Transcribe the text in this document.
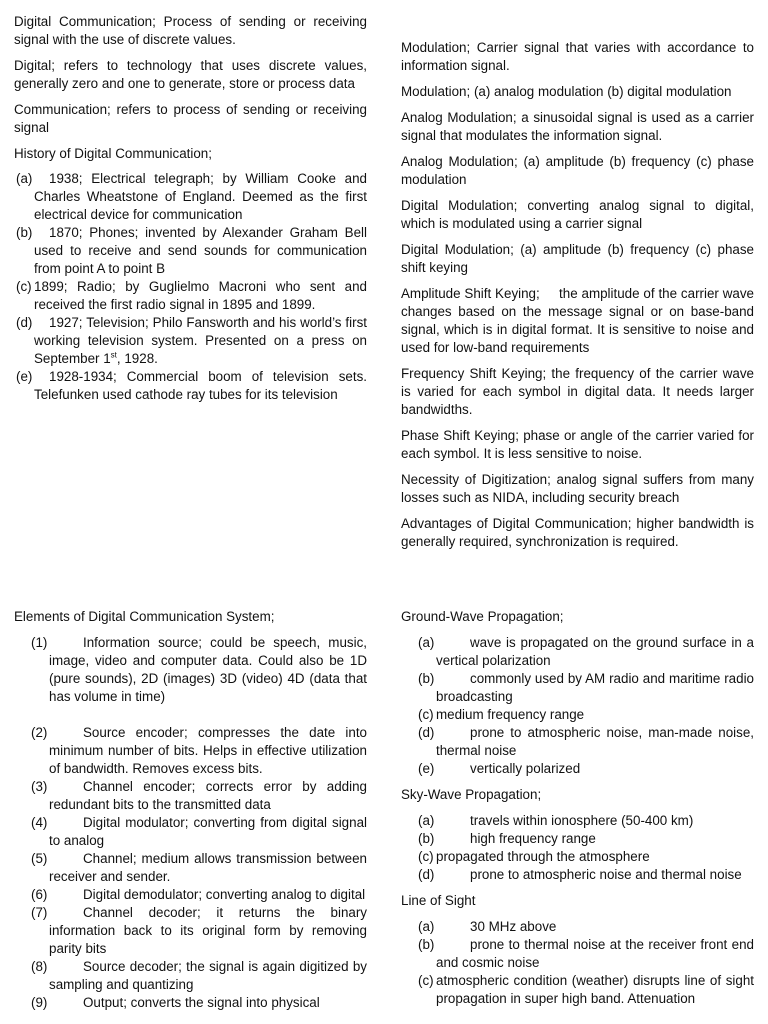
Digital Communication; Process of sending or receiving signal with the use of discrete values.

Digital; refers to technology that uses discrete values, generally zero and one to generate, store or process data

Communication; refers to process of sending or receiving signal

History of Digital Communication;

(a)	1938; Electrical telegraph; by William Cooke and Charles Wheatstone of England. Deemed as the first electrical device for communication
(b)	1870; Phones; invented by Alexander Graham Bell used to receive and send sounds for communication from point A to point B
(c) 1899; Radio; by Guglielmo Macroni who sent and received the first radio signal in 1895 and 1899.
(d)	1927; Television; Philo Fansworth and his world’s first working television system. Presented on a press on September 1st, 1928.
(e)	1928-1934; Commercial boom of television sets. Telefunken used cathode ray tubes for its television

Modulation; Carrier signal that varies with accordance to information signal.

Modulation; (a) analog modulation (b) digital modulation

Analog Modulation; a sinusoidal signal is used as a carrier signal that modulates the information signal.

Analog Modulation; (a) amplitude (b) frequency (c) phase modulation

Digital Modulation; converting analog signal to digital, which is modulated using a carrier signal

Digital Modulation; (a) amplitude (b) frequency (c) phase shift keying

Amplitude Shift Keying;     the amplitude of the carrier wave changes based on the message signal or on base-band signal, which is in digital format. It is sensitive to noise and used for low-band requirements

Frequency Shift Keying; the frequency of the carrier wave is varied for each symbol in digital data. It needs larger bandwidths.

Phase Shift Keying; phase or angle of the carrier varied for each symbol. It is less sensitive to noise.

Necessity of Digitization; analog signal suffers from many losses such as NIDA, including security breach

Advantages of Digital Communication; higher bandwidth is generally required, synchronization is required.

Elements of Digital Communication System;

(1)	Information source; could be speech, music, image, video and computer data. Could also be 1D (pure sounds), 2D (images) 3D (video) 4D (data that has volume in time)
(2)	Source encoder; compresses the date into minimum number of bits. Helps in effective utilization of bandwidth. Removes excess bits.
(3)	Channel encoder; corrects error by adding redundant bits to the transmitted data
(4)	Digital modulator; converting from digital signal to analog
(5)	Channel; medium allows transmission between receiver and sender.
(6)	Digital demodulator; converting analog to digital
(7)	Channel decoder; it returns the binary information back to its original form by removing parity bits
(8)	Source decoder; the signal is again digitized by sampling and quantizing
(9)	Output; converts the signal into physical

Ground-Wave Propagation;

(a)	wave is propagated on the ground surface in a vertical polarization
(b)	commonly used by AM radio and maritime radio broadcasting
(c) medium frequency range
(d)	prone to atmospheric noise, man-made noise, thermal noise
(e)	vertically polarized

Sky-Wave Propagation;

(a)	travels within ionosphere (50-400 km)
(b)	high frequency range
(c) propagated through the atmosphere
(d)	prone to atmospheric noise and thermal noise

Line of Sight

(a)	30 MHz above
(b)	prone to thermal noise at the receiver front end and cosmic noise
(c) atmospheric condition (weather) disrupts line of sight propagation in super high band. Attenuation
